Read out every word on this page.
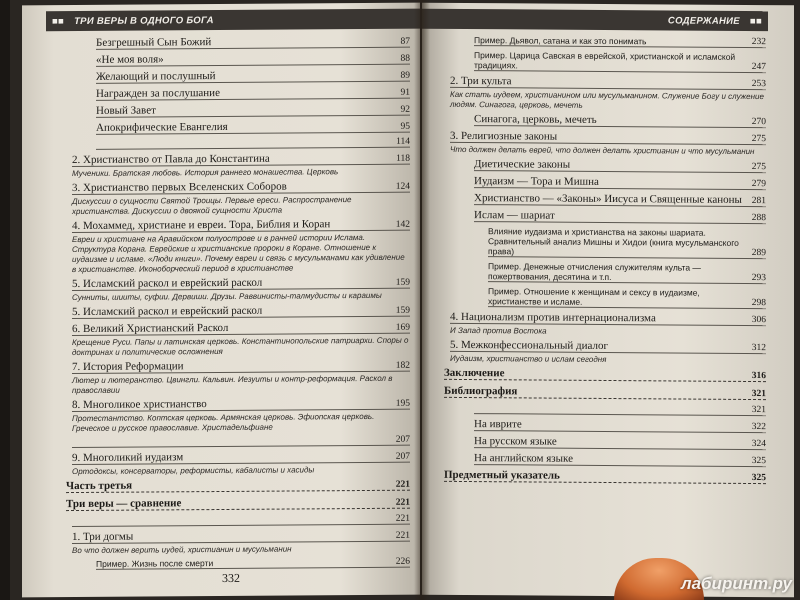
■■	ТРИ ВЕРЫ В ОДНОГО БОГА
Безгрешный Сын Божий	87
«Не моя воля»	88
Желающий и послушный	89
Награжден за послушание	91
Новый Завет	92
Апокрифические Евангелия	95
114
2. Христианство от Павла до Константина	118
Мученики. Братская любовь. История раннего монашества. Церковь
3. Христианство первых Вселенских Соборов	124
Дискуссии о сущности Святой Троицы. Первые ереси. Распространение христианства. Дискуссии о двоякой сущности Христа
4. Мохаммед, христиане и евреи. Тора, Библия и Коран	142
Евреи и христиане на Аравийском полуострове и в ранней истории Ислама. Структура Корана. Еврейские и христианские пророки в Коране. Отношение к иудаизме и исламе. «Люди книги». Почему евреи и связь с мусульманами как удивление в христианстве. Иконоборческий период в христианстве
5. Исламский раскол и еврейский раскол	159
Сунниты, шииты, суфии. Дервиши. Друзы. Раввинисты-талмудисты и караимы
5. Исламский раскол и еврейский раскол	159
6. Великий Христианский Раскол	169
Крещение Руси. Папы и латинская церковь. Константинопольские патриархи. Споры о доктринах и политические осложнения
7. История Реформации	182
Лютер и лютеранство. Цвингли. Кальвин. Иезуиты и контр-реформация. Раскол в православии
8. Многоликое христианство	195
Протестантство. Коптская церковь. Армянская церковь. Эфиопская церковь. Греческое и русское православие. Христадельфиане
207
9. Многоликий иудаизм	207
Ортодоксы, консерваторы, реформисты, кабалисты и хасиды
Часть третья	221
Три веры — сравнение	221
221
1. Три догмы	221
Во что должен верить иудей, христианин и мусульманин
Пример. Жизнь после смерти	226
332
СОДЕРЖАНИЕ	■■
Пример. Дьявол, сатана и как это понимать	232
Пример. Царица Савская в еврейской, христианской и исламской традициях.	247
2. Три культа	253
Как стать иудеем, христианином или мусульманином. Служение Богу и служение людям. Синагога, церковь, мечеть
Синагога, церковь, мечеть	270
3. Религиозные законы	275
Что должен делать еврей, что должен делать христианин и что мусульманин
Диетические законы	275
Иудаизм — Тора и Мишна	279
Христианство — «Законы» Иисуса и Священные каноны	281
Ислам — шариат	288
Влияние иудаизма и христианства на законы шариата. Сравнительный анализ Мишны и Хидои (книга мусульманского права)	289
Пример. Денежные отчисления служителям культа — пожертвования, десятина и т.п.	293
Пример. Отношение к женщинам и сексу в иудаизме, христианстве и исламе.	298
4. Национализм против интернационализма	306
И Запад против Востока
5. Межконфессиональный диалог	312
Иудаизм, христианство и ислам сегодня
Заключение	316
Библиография	321
321
На иврите	322
На русском языке	324
На английском языке	325
Предметный указатель	325
лабиринт.ру
